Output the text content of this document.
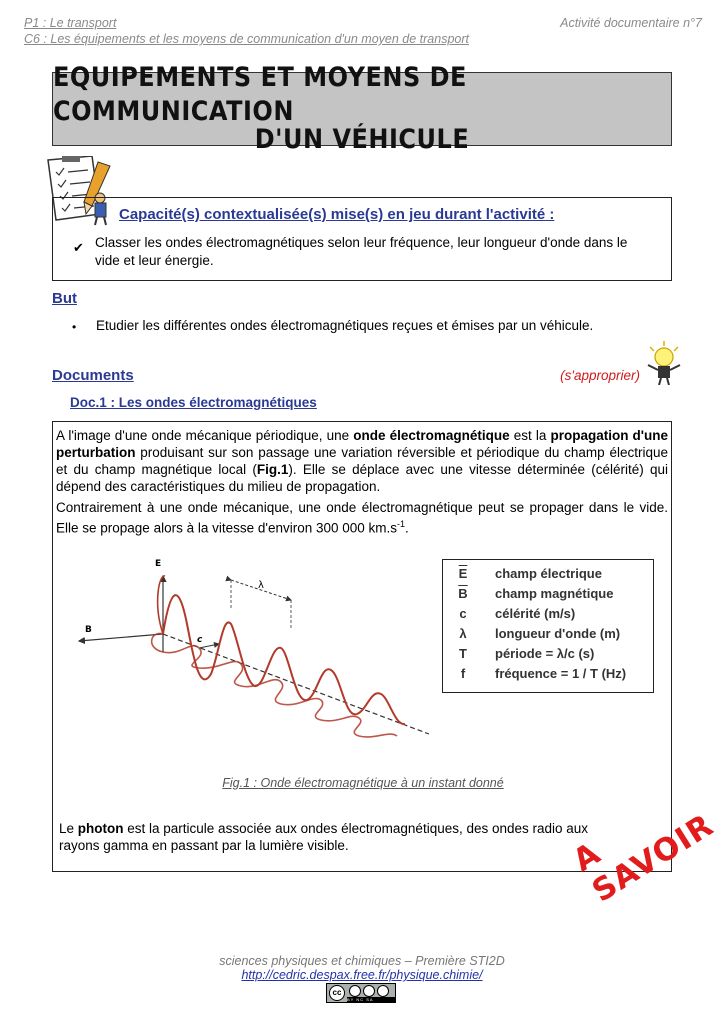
P1 : Le transport
C6 : Les équipements et les moyens de communication d'un moyen de transport
Activité documentaire n°7
EQUIPEMENTS ET MOYENS DE COMMUNICATION
D'UN VÉHICULE
Capacité(s) contextualisée(s) mise(s) en jeu durant l'activité :
✔ Classer les ondes électromagnétiques selon leur fréquence, leur longueur d'onde dans le vide et leur énergie.
But
• Etudier les différentes ondes électromagnétiques reçues et émises par un véhicule.
Documents	(s'approprier)
Doc.1 : Les ondes électromagnétiques
A l'image d'une onde mécanique périodique, une onde électromagnétique est la propagation d'une perturbation produisant sur son passage une variation réversible et périodique du champ électrique et du champ magnétique local (Fig.1). Elle se déplace avec une vitesse déterminée (célérité) qui dépend des caractéristiques du milieu de propagation.
Contrairement à une onde mécanique, une onde électromagnétique peut se propager dans le vide. Elle se propage alors à la vitesse d'environ 300 000 $km.s^{-1}$.
E
B
c
λ
$\overline{E}$	champ électrique
$\overline{B}$	champ magnétique
c	célérité (m/s)
λ	longueur d'onde (m)
T	période = λ/c (s)
f	fréquence = 1 / T (Hz)
Fig.1 : Onde électromagnétique à un instant donné
Le photon est la particule associée aux ondes électromagnétiques, des ondes radio aux rayons gamma en passant par la lumière visible.	A SAVOIR
sciences physiques et chimiques – Première STI2D
http://cedric.despax.free.fr/physique.chimie/
cc
BY NC SA
